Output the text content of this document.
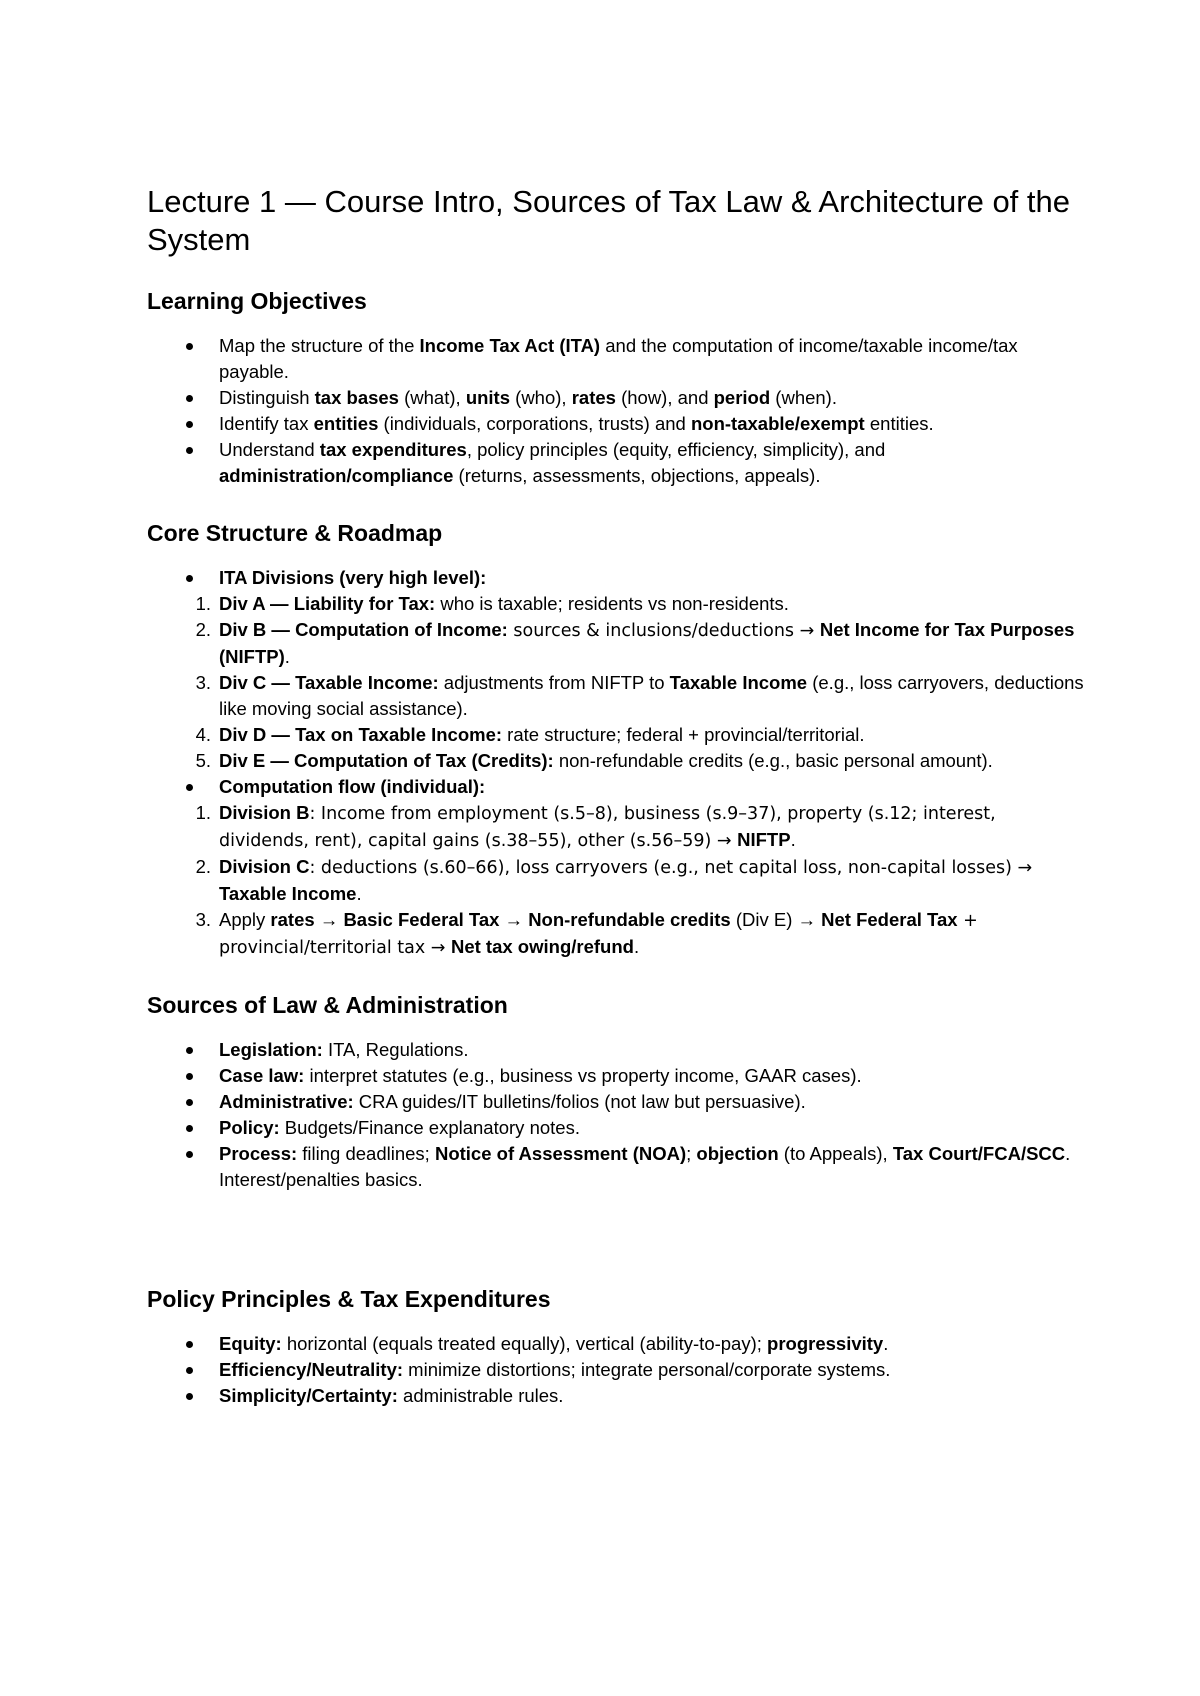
Lecture 1 — Course Intro, Sources of Tax Law & Architecture of the System
Learning Objectives
Map the structure of the Income Tax Act (ITA) and the computation of income/taxable income/tax payable.
Distinguish tax bases (what), units (who), rates (how), and period (when).
Identify tax entities (individuals, corporations, trusts) and non-taxable/exempt entities.
Understand tax expenditures, policy principles (equity, efficiency, simplicity), and administration/compliance (returns, assessments, objections, appeals).
Core Structure & Roadmap
ITA Divisions (very high level):
1. Div A — Liability for Tax: who is taxable; residents vs non-residents.
2. Div B — Computation of Income: sources & inclusions/deductions → Net Income for Tax Purposes (NIFTP).
3. Div C — Taxable Income: adjustments from NIFTP to Taxable Income (e.g., loss carryovers, deductions like moving social assistance).
4. Div D — Tax on Taxable Income: rate structure; federal + provincial/territorial.
5. Div E — Computation of Tax (Credits): non-refundable credits (e.g., basic personal amount).
Computation flow (individual):
1. Division B: Income from employment (s.5–8), business (s.9–37), property (s.12; interest, dividends, rent), capital gains (s.38–55), other (s.56–59) → NIFTP.
2. Division C: deductions (s.60–66), loss carryovers (e.g., net capital loss, non-capital losses) → Taxable Income.
3. Apply rates → Basic Federal Tax → Non-refundable credits (Div E) → Net Federal Tax + provincial/territorial tax → Net tax owing/refund.
Sources of Law & Administration
Legislation: ITA, Regulations.
Case law: interpret statutes (e.g., business vs property income, GAAR cases).
Administrative: CRA guides/IT bulletins/folios (not law but persuasive).
Policy: Budgets/Finance explanatory notes.
Process: filing deadlines; Notice of Assessment (NOA); objection (to Appeals), Tax Court/FCA/SCC. Interest/penalties basics.
Policy Principles & Tax Expenditures
Equity: horizontal (equals treated equally), vertical (ability-to-pay); progressivity.
Efficiency/Neutrality: minimize distortions; integrate personal/corporate systems.
Simplicity/Certainty: administrable rules.
